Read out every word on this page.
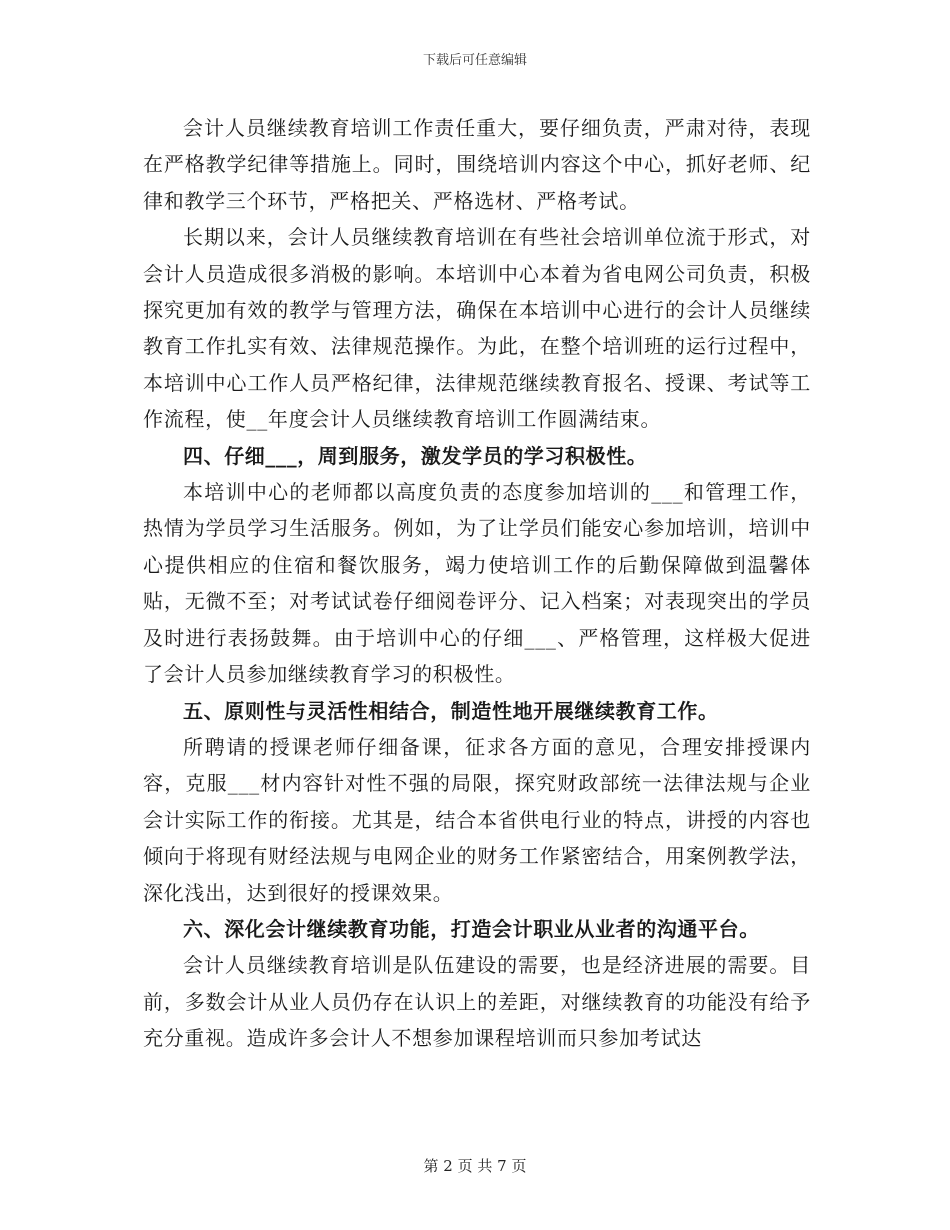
下载后可任意编辑

会计人员继续教育培训工作责任重大，要仔细负责，严肃对待，表现在严格教学纪律等措施上。同时，围绕培训内容这个中心，抓好老师、纪律和教学三个环节，严格把关、严格选材、严格考试。

长期以来，会计人员继续教育培训在有些社会培训单位流于形式，对会计人员造成很多消极的影响。本培训中心本着为省电网公司负责，积极探究更加有效的教学与管理方法，确保在本培训中心进行的会计人员继续教育工作扎实有效、法律规范操作。为此，在整个培训班的运行过程中，本培训中心工作人员严格纪律，法律规范继续教育报名、授课、考试等工作流程，使__年度会计人员继续教育培训工作圆满结束。

四、仔细___，周到服务，激发学员的学习积极性。

本培训中心的老师都以高度负责的态度参加培训的___和管理工作，热情为学员学习生活服务。例如，为了让学员们能安心参加培训，培训中心提供相应的住宿和餐饮服务，竭力使培训工作的后勤保障做到温馨体贴，无微不至；对考试试卷仔细阅卷评分、记入档案；对表现突出的学员及时进行表扬鼓舞。由于培训中心的仔细___、严格管理，这样极大促进了会计人员参加继续教育学习的积极性。

五、原则性与灵活性相结合，制造性地开展继续教育工作。

所聘请的授课老师仔细备课，征求各方面的意见，合理安排授课内容，克服___材内容针对性不强的局限，探究财政部统一法律法规与企业会计实际工作的衔接。尤其是，结合本省供电行业的特点，讲授的内容也倾向于将现有财经法规与电网企业的财务工作紧密结合，用案例教学法，深化浅出，达到很好的授课效果。

六、深化会计继续教育功能，打造会计职业从业者的沟通平台。

会计人员继续教育培训是队伍建设的需要，也是经济进展的需要。目前，多数会计从业人员仍存在认识上的差距，对继续教育的功能没有给予充分重视。造成许多会计人不想参加课程培训而只参加考试达

第 2 页 共 7 页
